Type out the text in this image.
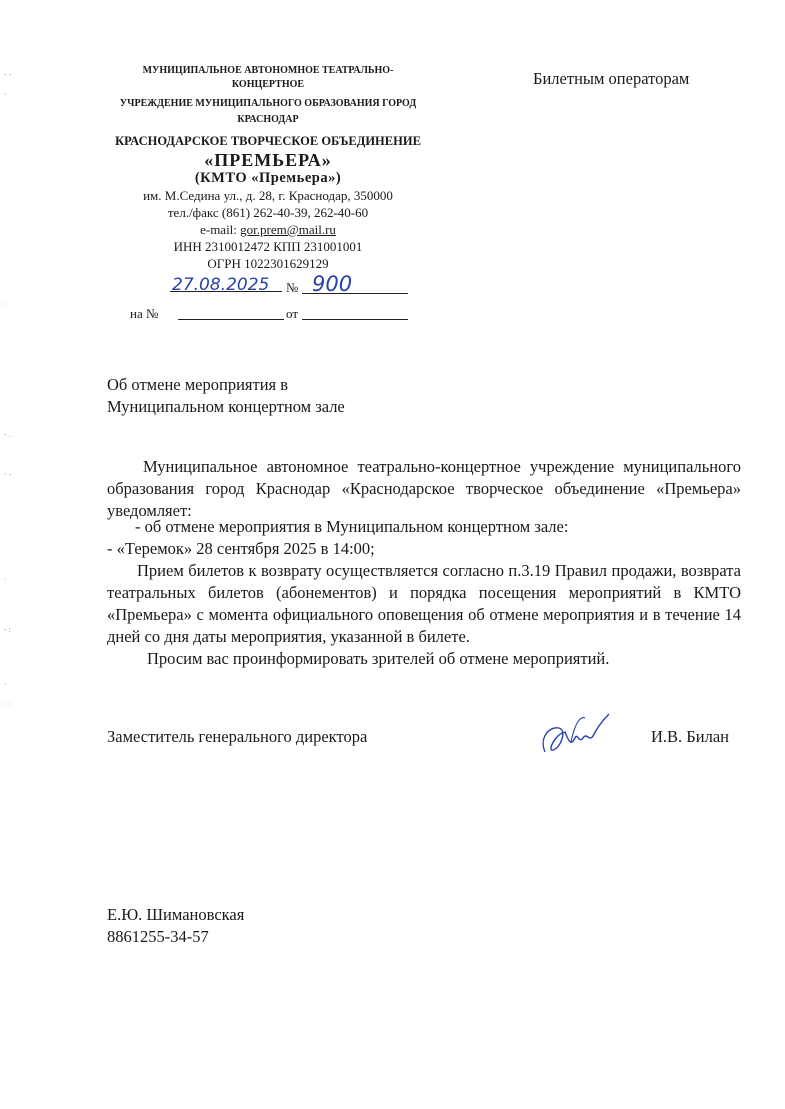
- -
·
·
- .
· -
·
- :
·
· ·
МУНИЦИПАЛЬНОЕ АВТОНОМНОЕ ТЕАТРАЛЬНО-
КОНЦЕРТНОЕ
УЧРЕЖДЕНИЕ МУНИЦИПАЛЬНОГО ОБРАЗОВАНИЯ ГОРОД
КРАСНОДАР
КРАСНОДАРСКОЕ ТВОРЧЕСКОЕ ОБЪЕДИНЕНИЕ
«ПРЕМЬЕРА»
(КМТО «Премьера»)
им. М.Седина ул., д. 28, г. Краснодар, 350000
тел./факс (861) 262-40-39, 262-40-60
e-mail: gor.prem@mail.ru
ИНН 2310012472 КПП 231001001
ОГРН 1022301629129
27.08.2025 № 900
на №	от
Билетным операторам
Об отмене мероприятия в
Муниципальном концертном зале
Муниципальное автономное театрально-концертное учреждение муниципального образования город Краснодар «Краснодарское творческое объединение «Премьера» уведомляет:
- об отмене мероприятия в Муниципальном концертном зале:
- «Теремок» 28 сентября 2025 в 14:00;
Прием билетов к возврату осуществляется согласно п.3.19 Правил продажи, возврата театральных билетов (абонементов) и порядка посещения мероприятий в КМТО «Премьера» с момента официального оповещения об отмене мероприятия и в течение 14 дней со дня даты мероприятия, указанной в билете.
Просим вас проинформировать зрителей об отмене мероприятий.
Заместитель генерального директора	И.В. Билан
Е.Ю. Шимановская
8861255-34-57
